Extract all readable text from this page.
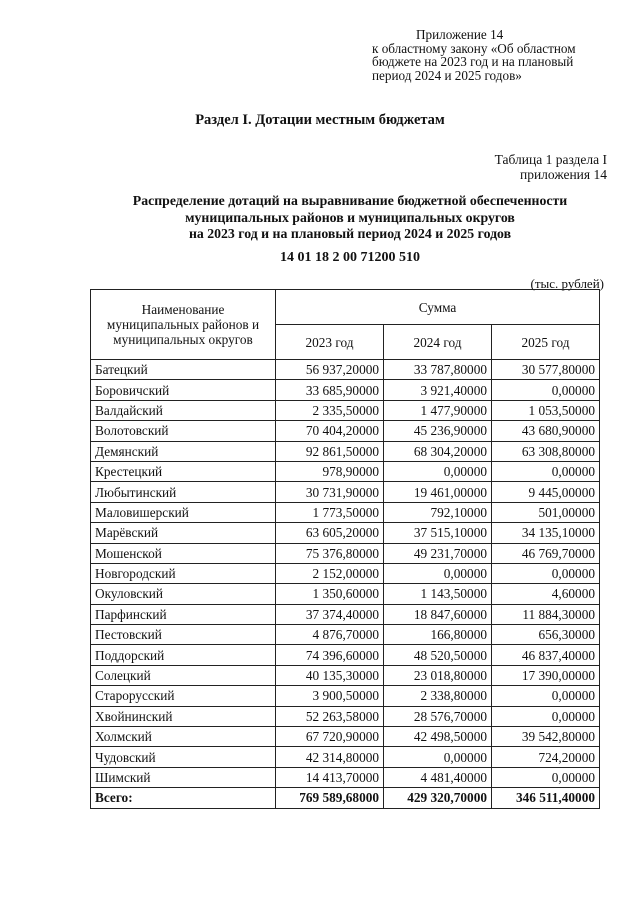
Приложение 14
к областному закону «Об областном
бюджете на 2023 год и на плановый
период 2024 и 2025 годов»
Раздел I. Дотации местным бюджетам
Таблица 1 раздела I
приложения 14
Распределение дотаций на выравнивание бюджетной обеспеченности
муниципальных районов и муниципальных округов
на 2023 год и на плановый период 2024 и 2025 годов
14 01 18 2 00 71200 510
(тыс. рублей)
Наименование муниципальных районов и муниципальных округов	Сумма		
	2023 год	2024 год	2025 год
Батецкий	56 937,20000	33 787,80000	30 577,80000
Боровичский	33 685,90000	3 921,40000	0,00000
Валдайский	2 335,50000	1 477,90000	1 053,50000
Волотовский	70 404,20000	45 236,90000	43 680,90000
Демянский	92 861,50000	68 304,20000	63 308,80000
Крестецкий	978,90000	0,00000	0,00000
Любытинский	30 731,90000	19 461,00000	9 445,00000
Маловишерский	1 773,50000	792,10000	501,00000
Марёвский	63 605,20000	37 515,10000	34 135,10000
Мошенской	75 376,80000	49 231,70000	46 769,70000
Новгородский	2 152,00000	0,00000	0,00000
Окуловский	1 350,60000	1 143,50000	4,60000
Парфинский	37 374,40000	18 847,60000	11 884,30000
Пестовский	4 876,70000	166,80000	656,30000
Поддорский	74 396,60000	48 520,50000	46 837,40000
Солецкий	40 135,30000	23 018,80000	17 390,00000
Старорусский	3 900,50000	2 338,80000	0,00000
Хвойнинский	52 263,58000	28 576,70000	0,00000
Холмский	67 720,90000	42 498,50000	39 542,80000
Чудовский	42 314,80000	0,00000	724,20000
Шимский	14 413,70000	4 481,40000	0,00000
Всего:	769 589,68000	429 320,70000	346 511,40000
